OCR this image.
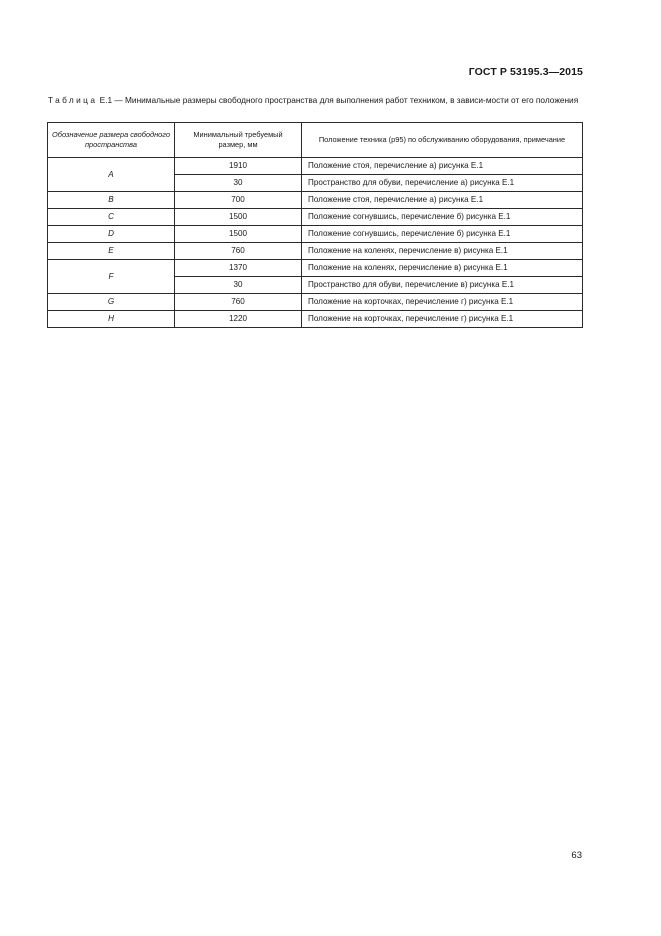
ГОСТ Р 53195.3—2015
Таблица Е.1 — Минимальные размеры свободного пространства для выполнения работ техником, в зависи-мости от его положения
Обозначение размера свободного пространства	Минимальный требуемый размер, мм	Положение техника (p95) по обслуживанию оборудования, примечание
A	1910	Положение стоя, перечисление а) рисунка Е.1
	30	Пространство для обуви, перечисление а) рисунка Е.1
B	700	Положение стоя, перечисление а) рисунка Е.1
C	1500	Положение согнувшись, перечисление б) рисунка Е.1
D	1500	Положение согнувшись, перечисление б) рисунка Е.1
E	760	Положение на коленях, перечисление в) рисунка Е.1
F	1370	Положение на коленях, перечисление в) рисунка Е.1
	30	Пространство для обуви, перечисление в) рисунка Е.1
G	760	Положение на корточках, перечисление г) рисунка Е.1
H	1220	Положение на корточках, перечисление г) рисунка Е.1
63
